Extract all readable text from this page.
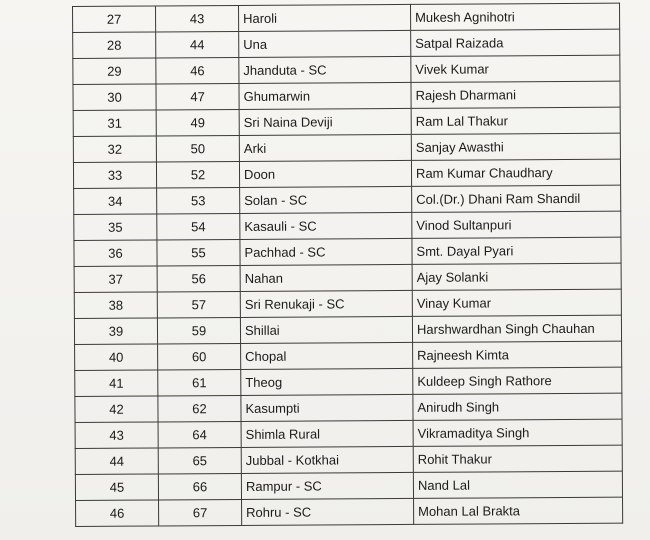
27	43	Haroli	Mukesh Agnihotri
28	44	Una	Satpal Raizada
29	46	Jhanduta - SC	Vivek Kumar
30	47	Ghumarwin	Rajesh Dharmani
31	49	Sri Naina Deviji	Ram Lal Thakur
32	50	Arki	Sanjay Awasthi
33	52	Doon	Ram Kumar Chaudhary
34	53	Solan - SC	Col.(Dr.) Dhani Ram Shandil
35	54	Kasauli - SC	Vinod Sultanpuri
36	55	Pachhad - SC	Smt. Dayal Pyari
37	56	Nahan	Ajay Solanki
38	57	Sri Renukaji - SC	Vinay Kumar
39	59	Shillai	Harshwardhan Singh Chauhan
40	60	Chopal	Rajneesh Kimta
41	61	Theog	Kuldeep Singh Rathore
42	62	Kasumpti	Anirudh Singh
43	64	Shimla Rural	Vikramaditya Singh
44	65	Jubbal - Kotkhai	Rohit Thakur
45	66	Rampur - SC	Nand Lal
46	67	Rohru - SC	Mohan Lal Brakta
